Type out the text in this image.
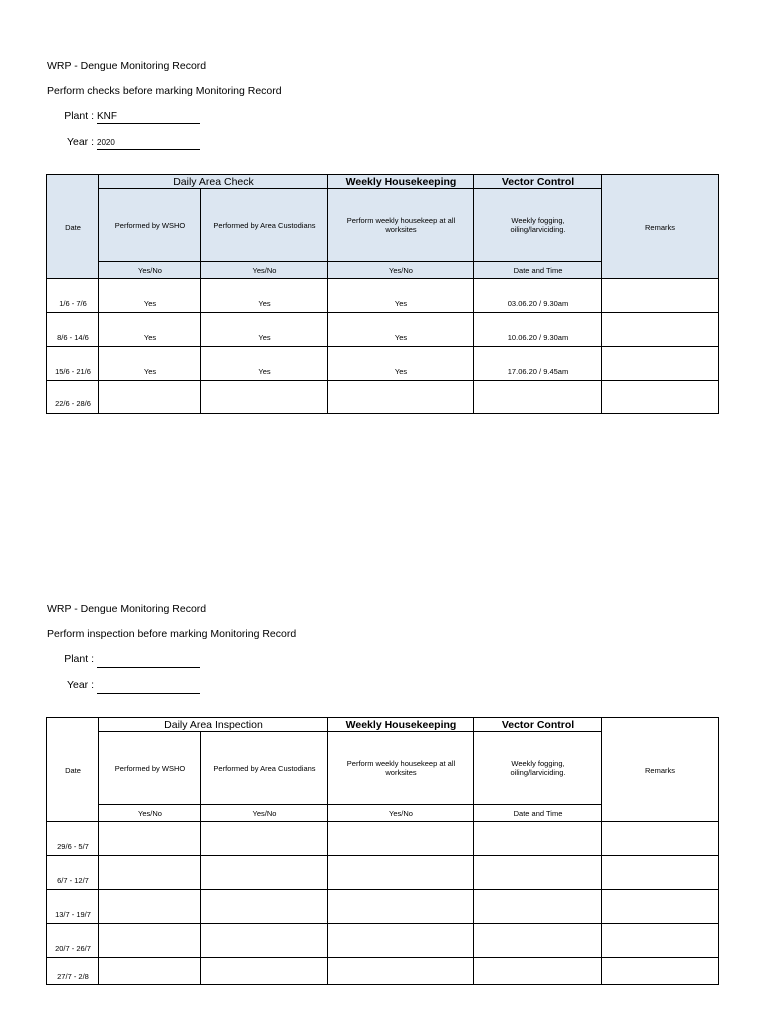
WRP - Dengue Monitoring Record
Perform checks before marking Monitoring Record
Plant : KNF
Year : 2020
Date
Daily Area Check	Weekly Housekeeping	Vector Control
Remarks
Performed by WSHO	Performed by Area Custodians	Perform weekly housekeep at all worksites
Weekly fogging, oiling/larviciding.
Yes/No	Yes/No	Yes/No	Date and Time
1/6 - 7/6	Yes	Yes	Yes	03.06.20 / 9.30am
8/6 - 14/6	Yes	Yes	Yes	10.06.20 / 9.30am
15/6 - 21/6	Yes	Yes	Yes	17.06.20 / 9.45am
22/6 - 28/6
WRP - Dengue Monitoring Record
Perform inspection before marking Monitoring Record
Plant :
Year :
Date
Daily Area Inspection	Weekly Housekeeping	Vector Control
Remarks
Performed by WSHO	Performed by Area Custodians	Perform weekly housekeep at all worksites
Weekly fogging, oiling/larviciding.
Yes/No	Yes/No	Yes/No	Date and Time
29/6 - 5/7
6/7 - 12/7
13/7 - 19/7
20/7 - 26/7
27/7 - 2/8
